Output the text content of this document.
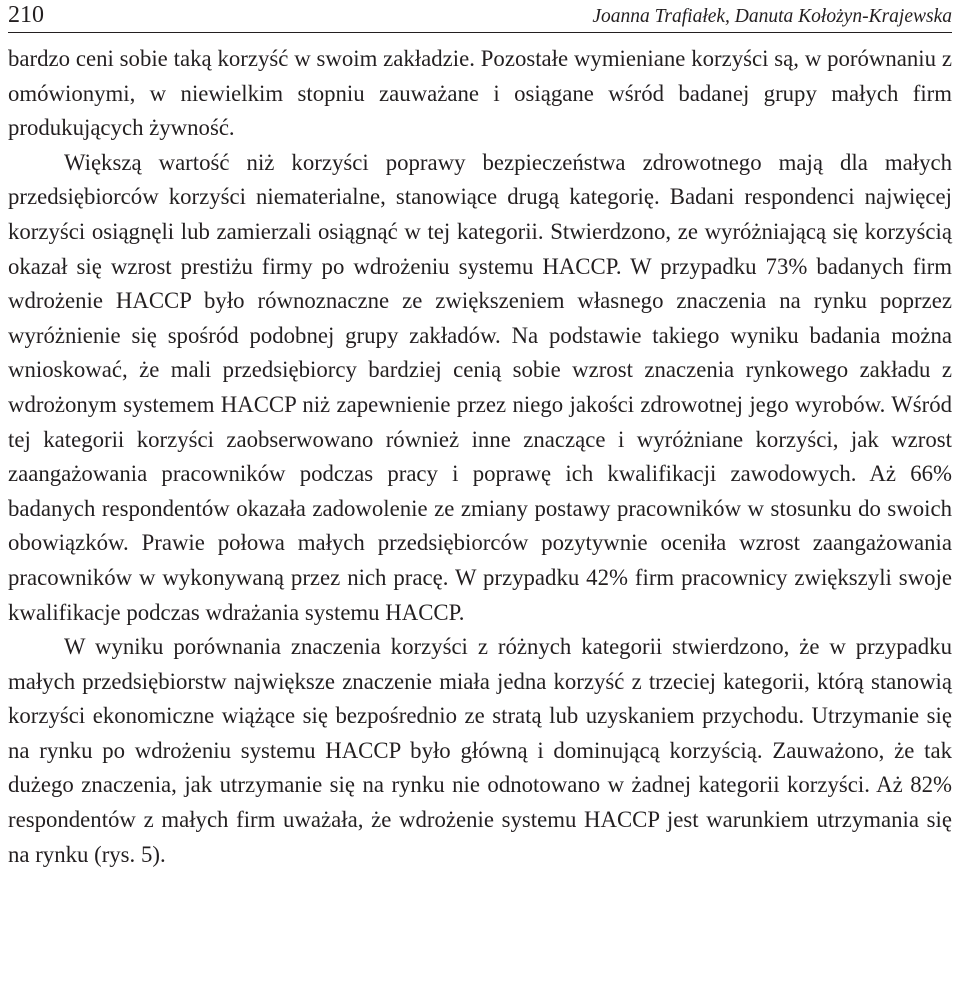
210	Joanna Trafiałek, Danuta Kołożyn-Krajewska

bardzo ceni sobie taką korzyść w swoim zakładzie. Pozostałe wymieniane korzyści są, w porównaniu z omówionymi, w niewielkim stopniu zauważane i osiągane wśród badanej grupy małych firm produkujących żywność.

Większą wartość niż korzyści poprawy bezpieczeństwa zdrowotnego mają dla małych przedsiębiorców korzyści niematerialne, stanowiące drugą kategorię. Badani respondenci najwięcej korzyści osiągnęli lub zamierzali osiągnąć w tej kategorii. Stwierdzono, ze wyróżniającą się korzyścią okazał się wzrost prestiżu firmy po wdrożeniu systemu HACCP. W przypadku 73% badanych firm wdrożenie HACCP było równoznaczne ze zwiększeniem własnego znaczenia na rynku poprzez wyróżnienie się spośród podobnej grupy zakładów. Na podstawie takiego wyniku badania można wnioskować, że mali przedsiębiorcy bardziej cenią sobie wzrost znaczenia rynkowego zakładu z wdrożonym systemem HACCP niż zapewnienie przez niego jakości zdrowotnej jego wyrobów. Wśród tej kategorii korzyści zaobserwowano również inne znaczące i wyróżniane korzyści, jak wzrost zaangażowania pracowników podczas pracy i poprawę ich kwalifikacji zawodowych. Aż 66% badanych respondentów okazała zadowolenie ze zmiany postawy pracowników w stosunku do swoich obowiązków. Prawie połowa małych przedsiębiorców pozytywnie oceniła wzrost zaangażowania pracowników w wykonywaną przez nich pracę. W przypadku 42% firm pracownicy zwiększyli swoje kwalifikacje podczas wdrażania systemu HACCP.

W wyniku porównania znaczenia korzyści z różnych kategorii stwierdzono, że w przypadku małych przedsiębiorstw największe znaczenie miała jedna korzyść z trzeciej kategorii, którą stanowią korzyści ekonomiczne wiążące się bezpośrednio ze stratą lub uzyskaniem przychodu. Utrzymanie się na rynku po wdrożeniu systemu HACCP było główną i dominującą korzyścią. Zauważono, że tak dużego znaczenia, jak utrzymanie się na rynku nie odnotowano w żadnej kategorii korzyści. Aż 82% respondentów z małych firm uważała, że wdrożenie systemu HACCP jest warunkiem utrzymania się na rynku (rys. 5).
